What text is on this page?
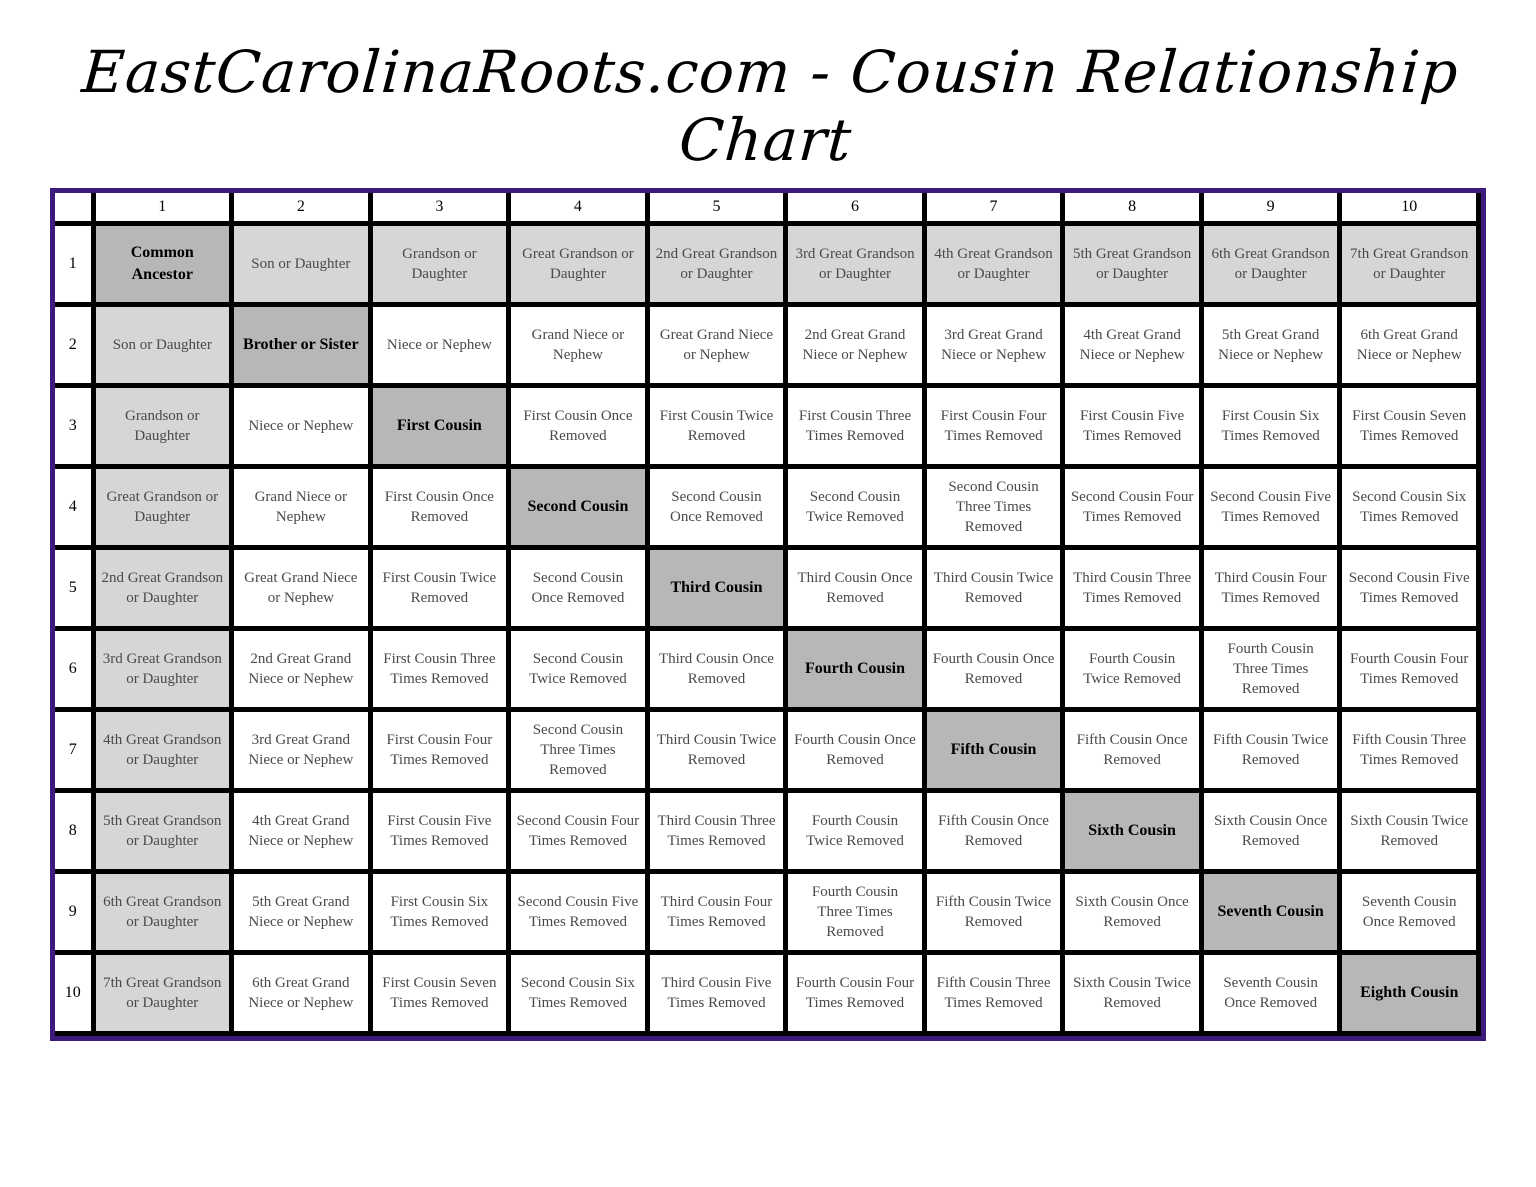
EastCarolinaRoots.com - Cousin Relationship Chart
	1	2	3	4	5	6	7	8	9	10
1	Common Ancestor	Son or Daughter	Grandson or Daughter	Great Grandson or Daughter	2nd Great Grandson or Daughter	3rd Great Grandson or Daughter	4th Great Grandson or Daughter	5th Great Grandson or Daughter	6th Great Grandson or Daughter	7th Great Grandson or Daughter
2	Son or Daughter	Brother or Sister	Niece or Nephew	Grand Niece or Nephew	Great Grand Niece or Nephew	2nd Great Grand Niece or Nephew	3rd Great Grand Niece or Nephew	4th Great Grand Niece or Nephew	5th Great Grand Niece or Nephew	6th Great Grand Niece or Nephew
3	Grandson or Daughter	Niece or Nephew	First Cousin	First Cousin Once Removed	First Cousin Twice Removed	First Cousin Three Times Removed	First Cousin Four Times Removed	First Cousin Five Times Removed	First Cousin Six Times Removed	First Cousin Seven Times Removed
4	Great Grandson or Daughter	Grand Niece or Nephew	First Cousin Once Removed	Second Cousin	Second Cousin Once Removed	Second Cousin Twice Removed	Second Cousin Three Times Removed	Second Cousin Four Times Removed	Second Cousin Five Times Removed	Second Cousin Six Times Removed
5	2nd Great Grandson or Daughter	Great Grand Niece or Nephew	First Cousin Twice Removed	Second Cousin Once Removed	Third Cousin	Third Cousin Once Removed	Third Cousin Twice Removed	Third Cousin Three Times Removed	Third Cousin Four Times Removed	Second Cousin Five Times Removed
6	3rd Great Grandson or Daughter	2nd Great Grand Niece or Nephew	First Cousin Three Times Removed	Second Cousin Twice Removed	Third Cousin Once Removed	Fourth Cousin	Fourth Cousin Once Removed	Fourth Cousin Twice Removed	Fourth Cousin Three Times Removed	Fourth Cousin Four Times Removed
7	4th Great Grandson or Daughter	3rd Great Grand Niece or Nephew	First Cousin Four Times Removed	Second Cousin Three Times Removed	Third Cousin Twice Removed	Fourth Cousin Once Removed	Fifth Cousin	Fifth Cousin Once Removed	Fifth Cousin Twice Removed	Fifth Cousin Three Times Removed
8	5th Great Grandson or Daughter	4th Great Grand Niece or Nephew	First Cousin Five Times Removed	Second Cousin Four Times Removed	Third Cousin Three Times Removed	Fourth Cousin Twice Removed	Fifth Cousin Once Removed	Sixth Cousin	Sixth Cousin Once Removed	Sixth Cousin Twice Removed
9	6th Great Grandson or Daughter	5th Great Grand Niece or Nephew	First Cousin Six Times Removed	Second Cousin Five Times Removed	Third Cousin Four Times Removed	Fourth Cousin Three Times Removed	Fifth Cousin Twice Removed	Sixth Cousin Once Removed	Seventh Cousin	Seventh Cousin Once Removed
10	7th Great Grandson or Daughter	6th Great Grand Niece or Nephew	First Cousin Seven Times Removed	Second Cousin Six Times Removed	Third Cousin Five Times Removed	Fourth Cousin Four Times Removed	Fifth Cousin Three Times Removed	Sixth Cousin Twice Removed	Seventh Cousin Once Removed	Eighth Cousin
